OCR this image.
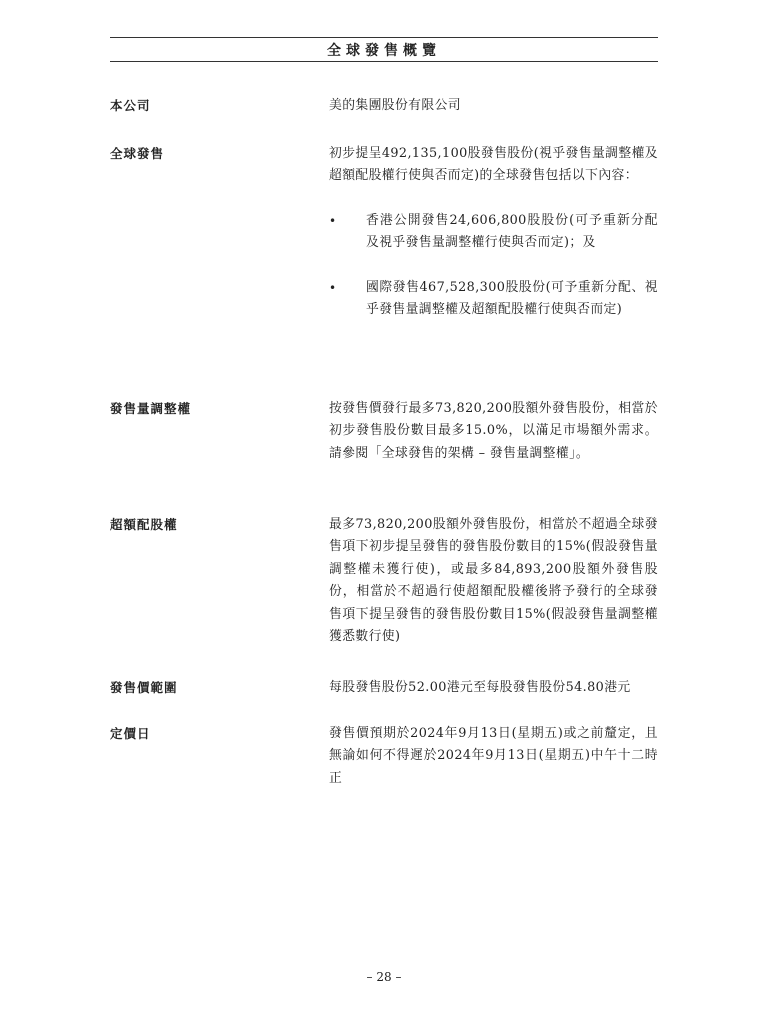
全球發售概覽
本公司	美的集團股份有限公司

全球發售	初步提呈492,135,100股發售股份(視乎發售量調整權及超額配股權行使與否而定)的全球發售包括以下內容：

• 香港公開發售24,606,800股股份(可予重新分配及視乎發售量調整權行使與否而定)；及
• 國際發售467,528,300股股份(可予重新分配、視乎發售量調整權及超額配股權行使與否而定)
發售量調整權	按發售價發行最多73,820,200股額外發售股份，相當於初步發售股份數目最多15.0%，以滿足市場額外需求。請參閱「全球發售的架構 – 發售量調整權」。

超額配股權	最多73,820,200股額外發售股份，相當於不超過全球發售項下初步提呈發售的發售股份數目的15%(假設發售量調整權未獲行使)，或最多84,893,200股額外發售股份，相當於不超過行使超額配股權後將予發行的全球發售項下提呈發售的發售股份數目15%(假設發售量調整權獲悉數行使)

發售價範圍	每股發售股份52.00港元至每股發售股份54.80港元

定價日	發售價預期於2024年9月13日(星期五)或之前釐定，且無論如何不得遲於2024年9月13日(星期五)中午十二時正

– 28 –
